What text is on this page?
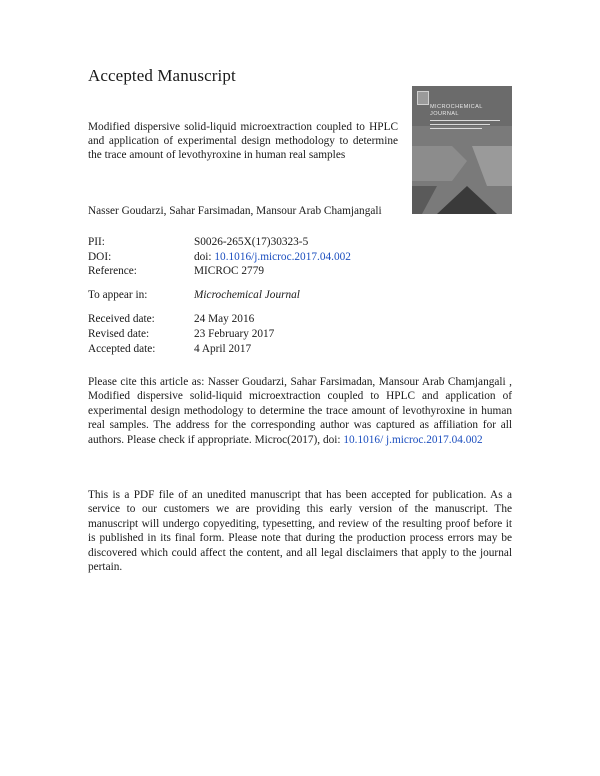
Accepted Manuscript
Modified dispersive solid-liquid microextraction coupled to HPLC and application of experimental design methodology to determine the trace amount of levothyroxine in human real samples
MICROCHEMICAL JOURNAL
Nasser Goudarzi, Sahar Farsimadan, Mansour Arab Chamjangali
PII:	S0026-265X(17)30323-5
DOI:	doi: 10.1016/j.microc.2017.04.002
Reference:	MICROC 2779
To appear in:	Microchemical Journal
Received date:	24 May 2016
Revised date:	23 February 2017
Accepted date:	4 April 2017
Please cite this article as: Nasser Goudarzi, Sahar Farsimadan, Mansour Arab Chamjangali , Modified dispersive solid-liquid microextraction coupled to HPLC and application of experimental design methodology to determine the trace amount of levothyroxine in human real samples. The address for the corresponding author was captured as affiliation for all authors. Please check if appropriate. Microc(2017), doi: 10.1016/ j.microc.2017.04.002
This is a PDF file of an unedited manuscript that has been accepted for publication. As a service to our customers we are providing this early version of the manuscript. The manuscript will undergo copyediting, typesetting, and review of the resulting proof before it is published in its final form. Please note that during the production process errors may be discovered which could affect the content, and all legal disclaimers that apply to the journal pertain.
